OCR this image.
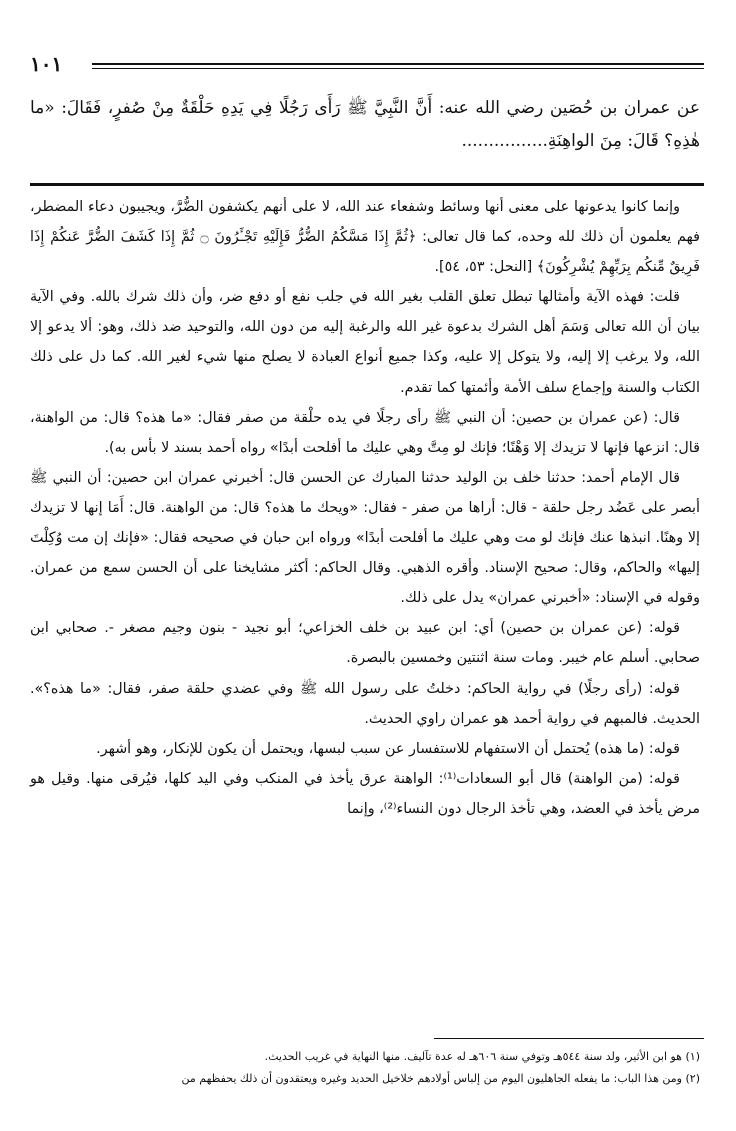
١٠١

عن عمران بن حُصَين رضي الله عنه: أَنَّ النَّبِيَّ ﷺ رَأَى رَجُلًا فِي يَدِهِ حَلْقَةٌ مِنْ صُفرٍ، فَقَالَ: «ما هٰذِهِ؟ قَالَ: مِنَ الواهِنَةِ................

وإنما كانوا يدعونها على معنى أنها وسائط وشفعاء عند الله، لا على أنهم يكشفون الضُّرَّ، ويجيبون دعاء المضطر، فهم يعلمون أن ذلك لله وحده، كما قال تعالى: ﴿ثُمَّ إِذَا مَسَّكُمُ الضُّرُّ فَإِلَيْهِ تَجْـَٔرُونَ ۝ ثُمَّ إِذَا كَشَفَ الضُّرَّ عَنكُمْ إِذَا فَرِيقٌ مِّنكُم بِرَبِّهِمْ يُشْرِكُونَ﴾ [النحل: ٥٣، ٥٤].

قلت: فهذه الآية وأمثالها تبطل تعلق القلب بغير الله في جلب نفع أو دفع ضر، وأن ذلك شرك بالله. وفي الآية بيان أن الله تعالى وَسَمَ أهل الشرك بدعوة غير الله والرغبة إليه من دون الله، والتوحيد ضد ذلك، وهو: ألا يدعو إلا الله، ولا يرغب إلا إليه، ولا يتوكل إلا عليه، وكذا جميع أنواع العبادة لا يصلح منها شيء لغير الله. كما دل على ذلك الكتاب والسنة وإجماع سلف الأمة وأئمتها كما تقدم.

قال: (عن عمران بن حصين: أن النبي ﷺ رأى رجلًا في يده حلْقة من صفر فقال: «ما هذه؟ قال: من الواهنة، قال: انزعها فإنها لا تزيدك إلا وَهْنًا؛ فإنك لو مِتَّ وهي عليك ما أفلحت أبدًا» رواه أحمد بسند لا بأس به).

قال الإمام أحمد: حدثنا خلف بن الوليد حدثنا المبارك عن الحسن قال: أخبرني عمران ابن حصين: أن النبي ﷺ أبصر على عَضُد رجل حلقة - قال: أراها من صفر - فقال: «ويحك ما هذه؟ قال: من الواهنة. قال: أَمَا إنها لا تزيدك إلا وهنًا. انبذها عنك فإنك لو مت وهي عليك ما أفلحت أبدًا» ورواه ابن حبان في صحيحه فقال: «فإنك إن مت وُكِلْتَ إليها» والحاكم، وقال: صحيح الإسناد. وأقره الذهبي. وقال الحاكم: أكثر مشايخنا على أن الحسن سمع من عمران. وقوله في الإسناد: «أخبرني عمران» يدل على ذلك.

قوله: (عن عمران بن حصين) أي: ابن عبيد بن خلف الخزاعي؛ أبو نجيد - بنون وجيم مصغر -. صحابي ابن صحابي. أسلم عام خيبر. ومات سنة اثنتين وخمسين بالبصرة.

قوله: (رأى رجلًا) في رواية الحاكم: دخلتُ على رسول الله ﷺ وفي عضدي حلقة صفر، فقال: «ما هذه؟». الحديث. فالمبهم في رواية أحمد هو عمران راوي الحديث.

قوله: (ما هذه) يُحتمل أن الاستفهام للاستفسار عن سبب لبسها، ويحتمل أن يكون للإنكار، وهو أشهر.

قوله: (من الواهنة) قال أبو السعادات⁽¹⁾: الواهنة عرق يأخذ في المنكب وفي اليد كلها، فيُرقى منها. وقيل هو مرض يأخذ في العضد، وهي تأخذ الرجال دون النساء⁽²⁾، وإنما

(١) هو ابن الأثير، ولد سنة ٥٤٤هـ وتوفي سنة ٦٠٦هـ له عدة تآليف. منها النهاية في غريب الحديث.

(٢) ومن هذا الباب: ما يفعله الجاهليون اليوم من إلباس أولادهم خلاخيل الحديد وغيره ويعتقدون أن ذلك يحفظهم من
